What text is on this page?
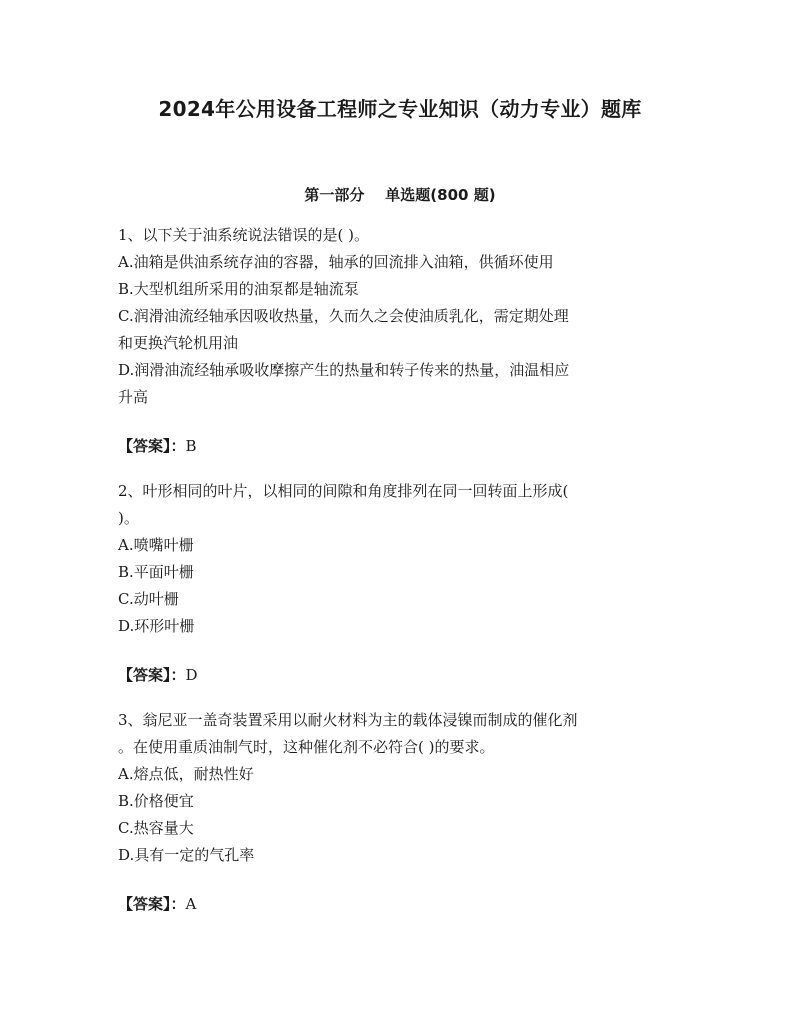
2024年公用设备工程师之专业知识（动力专业）题库
第一部分    单选题(800 题)
1、以下关于油系统说法错误的是( )。
A.油箱是供油系统存油的容器，轴承的回流排入油箱，供循环使用
B.大型机组所采用的油泵都是轴流泵
C.润滑油流经轴承因吸收热量，久而久之会使油质乳化，需定期处理
和更换汽轮机用油
D.润滑油流经轴承吸收摩擦产生的热量和转子传来的热量，油温相应
升高
【答案】：B
2、叶形相同的叶片，以相同的间隙和角度排列在同一回转面上形成(
)。
A.喷嘴叶栅
B.平面叶栅
C.动叶栅
D.环形叶栅
【答案】：D
3、翁尼亚一盖奇装置采用以耐火材料为主的载体浸镍而制成的催化剂
。在使用重质油制气时，这种催化剂不必符合( )的要求。
A.熔点低，耐热性好
B.价格便宜
C.热容量大
D.具有一定的气孔率
【答案】：A
